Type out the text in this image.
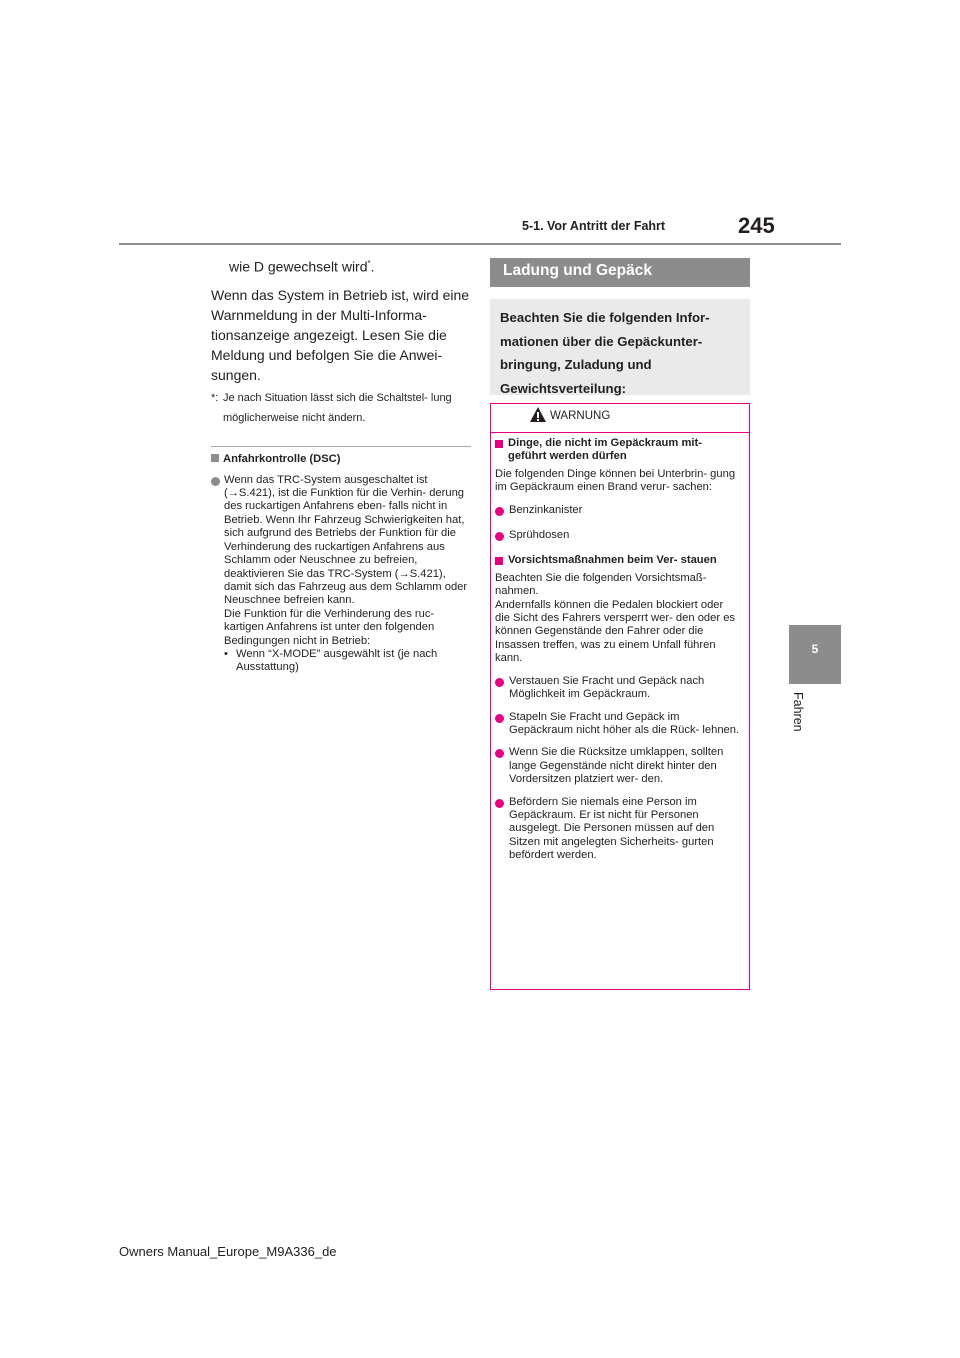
5-1. Vor Antritt der Fahrt	245
5
Fahren
wie D gewechselt wird*.
Wenn das System in Betrieb ist, wird eine Warnmeldung in der Multi-Informa- tionsanzeige angezeigt. Lesen Sie die Meldung und befolgen Sie die Anwei- sungen.
*: Je nach Situation lässt sich die Schaltstel- lung möglicherweise nicht ändern.
Anfahrkontrolle (DSC)
Wenn das TRC-System ausgeschaltet ist (→S.421), ist die Funktion für die Verhin- derung des ruckartigen Anfahrens eben- falls nicht in Betrieb. Wenn Ihr Fahrzeug Schwierigkeiten hat, sich aufgrund des Betriebs der Funktion für die Verhinderung des ruckartigen Anfahrens aus Schlamm oder Neuschnee zu befreien, deaktivieren Sie das TRC-System (→S.421), damit sich das Fahrzeug aus dem Schlamm oder Neuschnee befreien kann.
Die Funktion für die Verhinderung des ruc- kartigen Anfahrens ist unter den folgenden Bedingungen nicht in Betrieb:
• Wenn “X-MODE” ausgewählt ist (je nach Ausstattung)
Ladung und Gepäck
Beachten Sie die folgenden Infor- mationen über die Gepäckunter- bringung, Zuladung und Gewichtsverteilung:
WARNUNG
Dinge, die nicht im Gepäckraum mit- geführt werden dürfen
Die folgenden Dinge können bei Unterbrin- gung im Gepäckraum einen Brand verur- sachen:
Benzinkanister
Sprühdosen
Vorsichtsmaßnahmen beim Ver- stauen
Beachten Sie die folgenden Vorsichtsmaß- nahmen.
Andernfalls können die Pedalen blockiert oder die Sicht des Fahrers versperrt wer- den oder es können Gegenstände den Fahrer oder die Insassen treffen, was zu einem Unfall führen kann.
Verstauen Sie Fracht und Gepäck nach Möglichkeit im Gepäckraum.
Stapeln Sie Fracht und Gepäck im Gepäckraum nicht höher als die Rück- lehnen.
Wenn Sie die Rücksitze umklappen, sollten lange Gegenstände nicht direkt hinter den Vordersitzen platziert wer- den.
Befördern Sie niemals eine Person im Gepäckraum. Er ist nicht für Personen ausgelegt. Die Personen müssen auf den Sitzen mit angelegten Sicherheits- gurten befördert werden.
Owners Manual_Europe_M9A336_de
